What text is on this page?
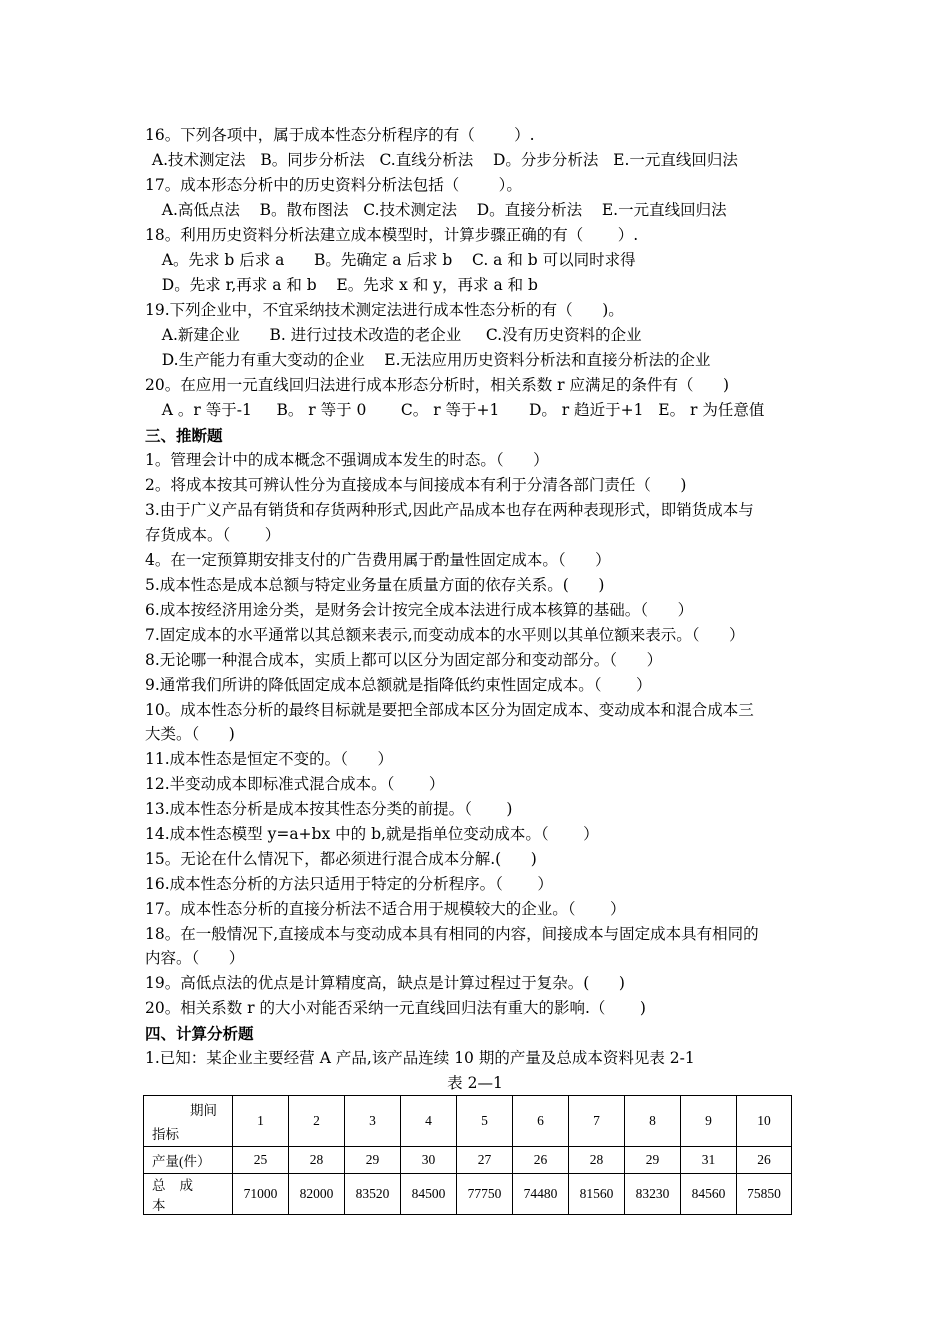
16。下列各项中，属于成本性态分析程序的有（        ）.
A.技术测定法   B。同步分析法   C.直线分析法    D。分步分析法   E.一元直线回归法
17。成本形态分析中的历史资料分析法包括（        ）。
A.高低点法    B。散布图法   C.技术测定法    D。直接分析法    E.一元直线回归法
18。利用历史资料分析法建立成本模型时，计算步骤正确的有（       ）.
A。先求 b 后求 a      B。先确定 a 后求 b    C. a 和 b 可以同时求得
D。先求 r,再求 a 和 b    E。先求 x 和 y，再求 a 和 b
19.下列企业中，不宜采纳技术测定法进行成本性态分析的有（      )。
A.新建企业      B. 进行过技术改造的老企业     C.没有历史资料的企业
D.生产能力有重大变动的企业    E.无法应用历史资料分析法和直接分析法的企业
20。在应用一元直线回归法进行成本形态分析时，相关系数 r 应满足的条件有（      )
A 。r 等于-1     B。 r 等于 0       C。 r 等于+1      D。 r 趋近于+1   E。 r 为任意值
三、推断题
1。管理会计中的成本概念不强调成本发生的时态。（      ）
2。将成本按其可辨认性分为直接成本与间接成本有利于分清各部门责任（      )
3.由于广义产品有销货和存货两种形式,因此产品成本也存在两种表现形式，即销货成本与
存货成本。（       ）
4。在一定预算期安排支付的广告费用属于酌量性固定成本。（      ）
5.成本性态是成本总额与特定业务量在质量方面的依存关系。(      )
6.成本按经济用途分类，是财务会计按完全成本法进行成本核算的基础。（      ）
7.固定成本的水平通常以其总额来表示,而变动成本的水平则以其单位额来表示。（      ）
8.无论哪一种混合成本，实质上都可以区分为固定部分和变动部分。（      ）
9.通常我们所讲的降低固定成本总额就是指降低约束性固定成本。（       ）
10。成本性态分析的最终目标就是要把全部成本区分为固定成本、变动成本和混合成本三
大类。（      )
11.成本性态是恒定不变的。（      ）
12.半变动成本即标准式混合成本。（       ）
13.成本性态分析是成本按其性态分类的前提。（       )
14.成本性态模型 y=a+bx 中的 b,就是指单位变动成本。（       ）
15。无论在什么情况下，都必须进行混合成本分解.(      )
16.成本性态分析的方法只适用于特定的分析程序。（       ）
17。成本性态分析的直接分析法不适合用于规模较大的企业。（       ）
18。在一般情况下,直接成本与变动成本具有相同的内容，间接成本与固定成本具有相同的
内容。（      ）
19。高低点法的优点是计算精度高，缺点是计算过程过于复杂。(      )
20。相关系数 r 的大小对能否采纳一元直线回归法有重大的影响.（       )
四、计算分析题
1.已知：某企业主要经营 A 产品,该产品连续 10 期的产量及总成本资料见表 2-1
表 2—1
期间
指标	1	2	3	4	5	6	7	8	9	10
产量(件）	25	28	29	30	27	26	28	29	31	26
总成本	71000	82000	83520	84500	77750	74480	81560	83230	84560	75850
